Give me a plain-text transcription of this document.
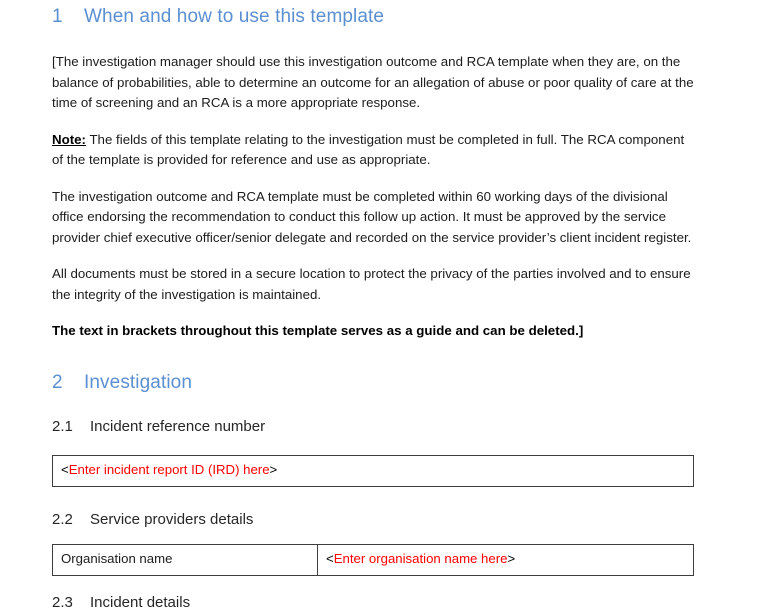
1	When and how to use this template

[The investigation manager should use this investigation outcome and RCA template when they are, on the balance of probabilities, able to determine an outcome for an allegation of abuse or poor quality of care at the time of screening and an RCA is a more appropriate response.

Note: The fields of this template relating to the investigation must be completed in full. The RCA component of the template is provided for reference and use as appropriate.

The investigation outcome and RCA template must be completed within 60 working days of the divisional office endorsing the recommendation to conduct this follow up action. It must be approved by the service provider chief executive officer/senior delegate and recorded on the service provider’s client incident register.

All documents must be stored in a secure location to protect the privacy of the parties involved and to ensure the integrity of the investigation is maintained.

The text in brackets throughout this template serves as a guide and can be deleted.]

2	Investigation
2.1	Incident reference number
<Enter incident report ID (IRD) here>
2.2	Service providers details
Organisation name	<Enter organisation name here>
2.3	Incident details
